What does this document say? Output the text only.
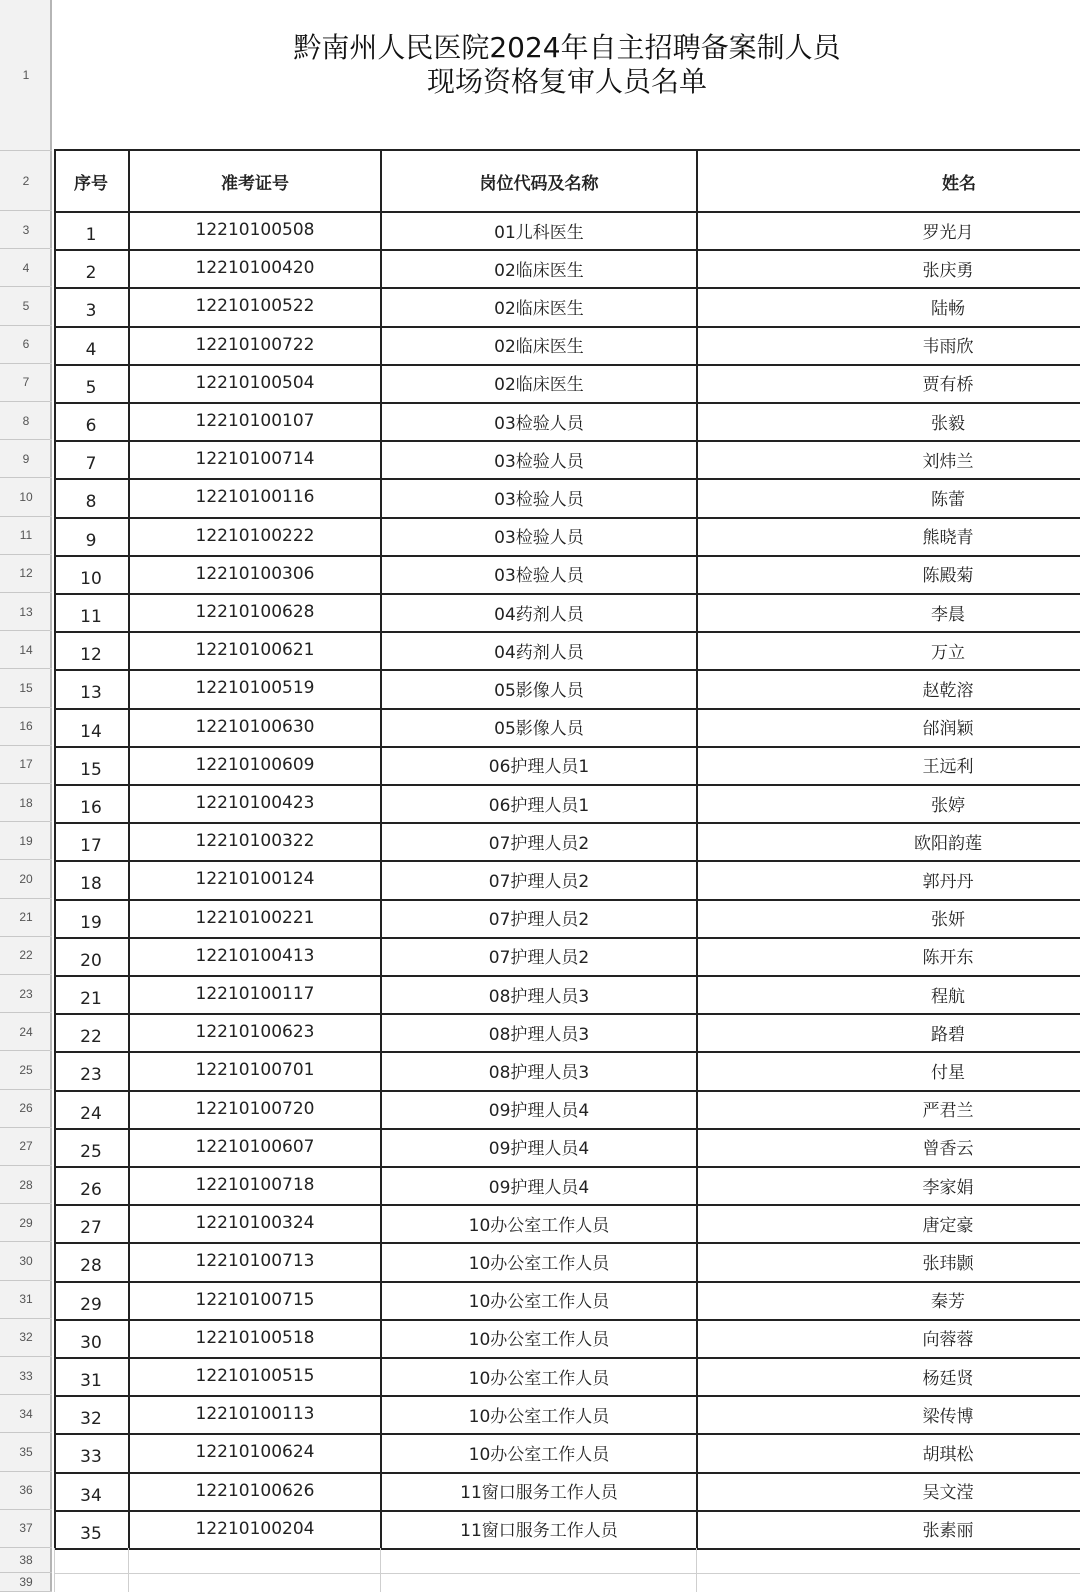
1
2
3
4
5
6
7
8
9
10
11
12
13
14
15
16
17
18
19
20
21
22
23
24
25
26
27
28
29
30
31
32
33
34
35
36
37
38
39
黔南州人民医院2024年自主招聘备案制人员
现场资格复审人员名单
序号	准考证号	岗位代码及名称	姓名
1	12210100508	01儿科医生	罗光月
2	12210100420	02临床医生	张庆勇
3	12210100522	02临床医生	陆畅
4	12210100722	02临床医生	韦雨欣
5	12210100504	02临床医生	贾有桥
6	12210100107	03检验人员	张毅
7	12210100714	03检验人员	刘炜兰
8	12210100116	03检验人员	陈蕾
9	12210100222	03检验人员	熊晓青
10	12210100306	03检验人员	陈殿菊
11	12210100628	04药剂人员	李晨
12	12210100621	04药剂人员	万立
13	12210100519	05影像人员	赵乾溶
14	12210100630	05影像人员	邰润颖
15	12210100609	06护理人员1	王远利
16	12210100423	06护理人员1	张婷
17	12210100322	07护理人员2	欧阳韵莲
18	12210100124	07护理人员2	郭丹丹
19	12210100221	07护理人员2	张妍
20	12210100413	07护理人员2	陈开东
21	12210100117	08护理人员3	程航
22	12210100623	08护理人员3	路碧
23	12210100701	08护理人员3	付星
24	12210100720	09护理人员4	严君兰
25	12210100607	09护理人员4	曾香云
26	12210100718	09护理人员4	李家娟
27	12210100324	10办公室工作人员	唐定豪
28	12210100713	10办公室工作人员	张玮颢
29	12210100715	10办公室工作人员	秦芳
30	12210100518	10办公室工作人员	向蓉蓉
31	12210100515	10办公室工作人员	杨廷贤
32	12210100113	10办公室工作人员	梁传博
33	12210100624	10办公室工作人员	胡琪松
34	12210100626	11窗口服务工作人员	吴文滢
35	12210100204	11窗口服务工作人员	张素丽
